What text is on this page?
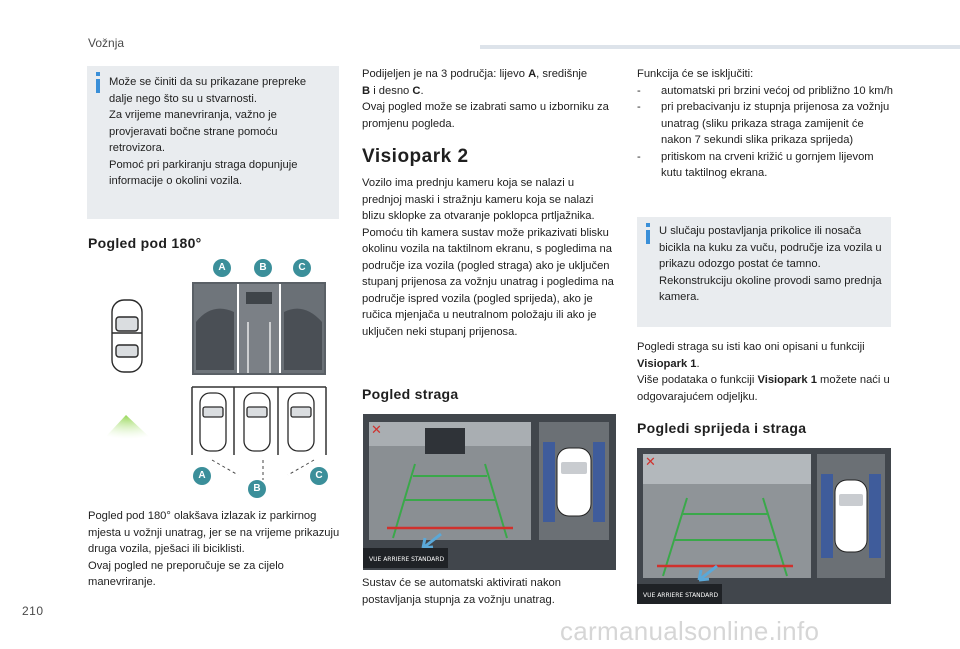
Vožnja

Može se činiti da su prikazane prepreke dalje nego što su u stvarnosti.
Za vrijeme manevriranja, važno je provjeravati bočne strane pomoću retrovizora.
Pomoć pri parkiranju straga dopunjuje informacije o okolini vozila.

Pogled pod 180°
A	B	C
A
B
C

Pogled pod 180° olakšava izlazak iz parkirnog mjesta u vožnji unatrag, jer se na vrijeme prikazuju druga vozila, pješaci ili biciklisti.
Ovaj pogled ne preporučuje se za cijelo manevriranje.

Podijeljen je na 3 područja: lijevo A, središnje
B i desno C.
Ovaj pogled može se izabrati samo u izborniku za promjenu pogleda.

Visiopark 2

Vozilo ima prednju kameru koja se nalazi u prednjoj maski i stražnju kameru koja se nalazi blizu sklopke za otvaranje poklopca prtljažnika.
Pomoću tih kamera sustav može prikazivati blisku okolinu vozila na taktilnom ekranu, s pogledima na područje iza vozila (pogled straga) ako je uključen stupanj prijenosa za vožnju unatrag i pogledima na područje ispred vozila (pogled sprijeda), ako je ručica mjenjača u neutralnom položaju ili ako je uključen neki stupanj prijenosa.

Pogled straga
✕
VUE ARRIERE STANDARD

Sustav će se automatski aktivirati nakon postavljanja stupnja za vožnju unatrag.

Funkcija će se isključiti:

- automatski pri brzini većoj od približno 10 km/h
- pri prebacivanju iz stupnja prijenosa za vožnju unatrag (sliku prikaza straga zamijenit će nakon 7 sekundi slika prikaza sprijeda)
- pritiskom na crveni križić u gornjem lijevom kutu taktilnog ekrana.

U slučaju postavljanja prikolice ili nosača bicikla na kuku za vuču, područje iza vozila u prikazu odozgo postat će tamno.
Rekonstrukciju okoline provodi samo prednja kamera.

Pogledi straga su isti kao oni opisani u funkciji Visiopark 1.
Više podataka o funkciji Visiopark 1 možete naći u odgovarajućem odjeljku.

Pogledi sprijeda i straga
✕
VUE ARRIERE STANDARD
210
carmanualsonline.info
